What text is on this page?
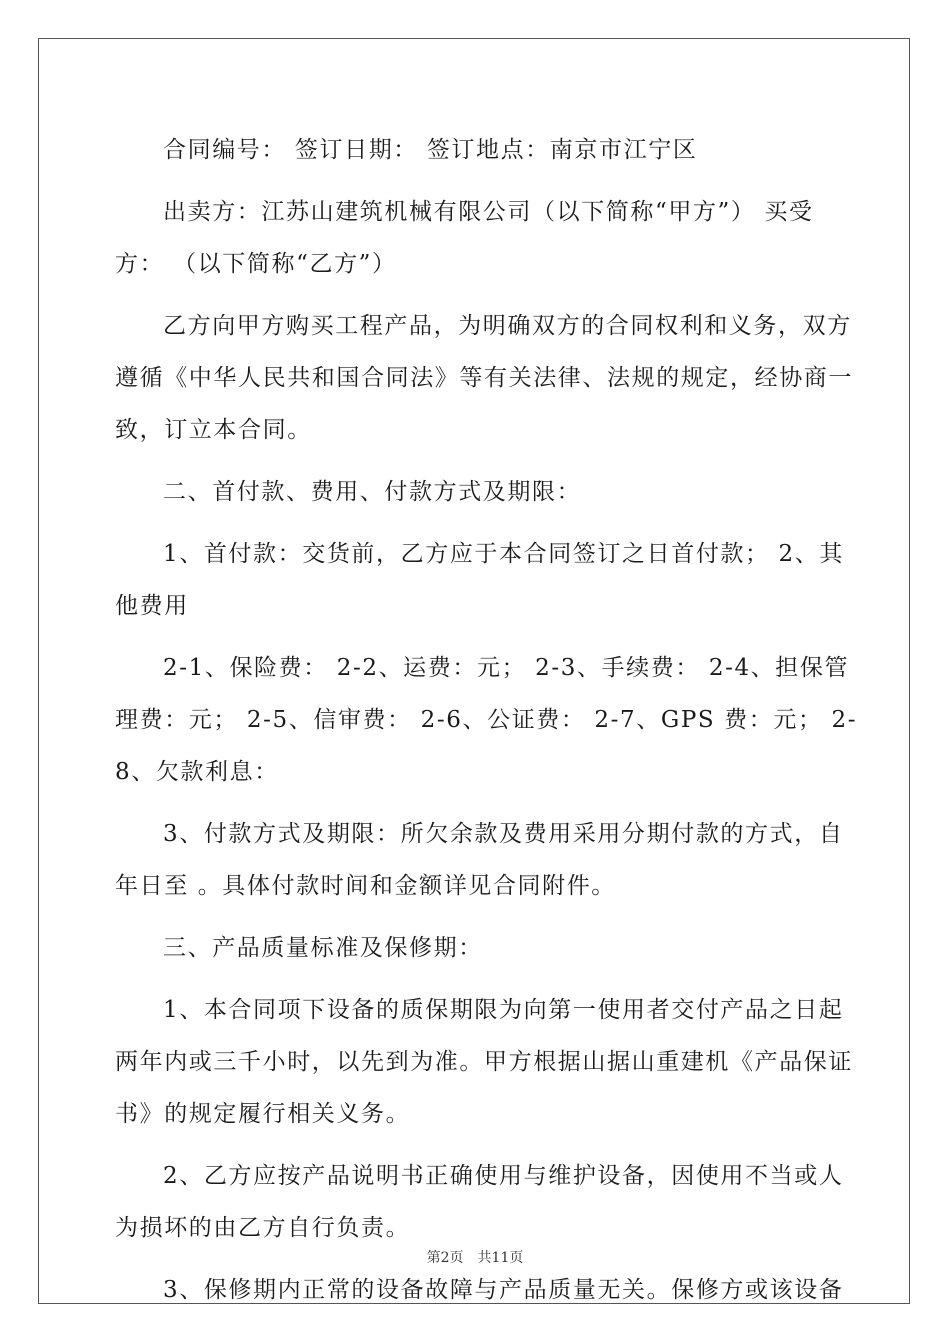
合同编号： 签订日期： 签订地点：南京市江宁区
出卖方：江苏山建筑机械有限公司（以下简称“甲方”） 买受
方： （以下简称“乙方”）
乙方向甲方购买工程产品，为明确双方的合同权利和义务，双方
遵循《中华人民共和国合同法》等有关法律、法规的规定，经协商一
致，订立本合同。
二、首付款、费用、付款方式及期限：
1、首付款：交货前，乙方应于本合同签订之日首付款； 2、其
他费用
2-1、保险费： 2-2、运费：元； 2-3、手续费： 2-4、担保管
理费：元； 2-5、信审费： 2-6、公证费： 2-7、GPS 费：元； 2-
8、欠款利息：
3、付款方式及期限：所欠余款及费用采用分期付款的方式，自
年日至 。具体付款时间和金额详见合同附件。
三、产品质量标准及保修期：
1、本合同项下设备的质保期限为向第一使用者交付产品之日起
两年内或三千小时，以先到为准。甲方根据山据山重建机《产品保证
书》的规定履行相关义务。
2、乙方应按产品说明书正确使用与维护设备，因使用不当或人
为损坏的由乙方自行负责。
3、保修期内正常的设备故障与产品质量无关。保修方或该设备
第2页 共11页
